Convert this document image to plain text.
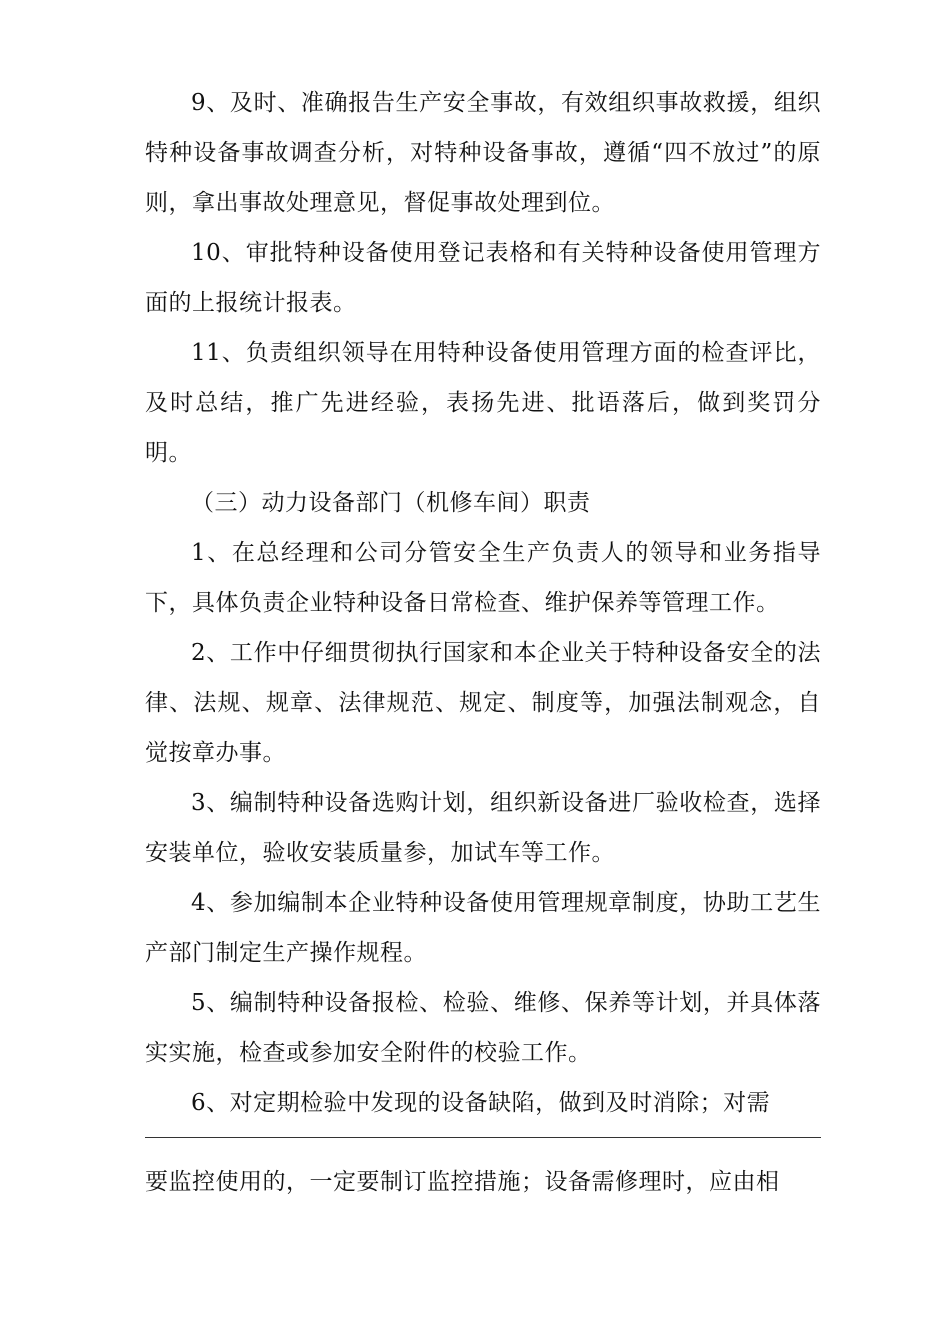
9、及时、准确报告生产安全事故，有效组织事故救援，组织特种设备事故调查分析，对特种设备事故，遵循“四不放过”的原则，拿出事故处理意见，督促事故处理到位。

10、审批特种设备使用登记表格和有关特种设备使用管理方面的上报统计报表。

11、负责组织领导在用特种设备使用管理方面的检查评比，及时总结，推广先进经验，表扬先进、批语落后，做到奖罚分明。

（三）动力设备部门（机修车间）职责

1、在总经理和公司分管安全生产负责人的领导和业务指导下，具体负责企业特种设备日常检查、维护保养等管理工作。

2、工作中仔细贯彻执行国家和本企业关于特种设备安全的法律、法规、规章、法律规范、规定、制度等，加强法制观念，自觉按章办事。

3、编制特种设备选购计划，组织新设备进厂验收检查，选择安装单位，验收安装质量参，加试车等工作。

4、参加编制本企业特种设备使用管理规章制度，协助工艺生产部门制定生产操作规程。

5、编制特种设备报检、检验、维修、保养等计划，并具体落实实施，检查或参加安全附件的校验工作。

6、对定期检验中发现的设备缺陷，做到及时消除；对需

要监控使用的，一定要制订监控措施；设备需修理时，应由相
